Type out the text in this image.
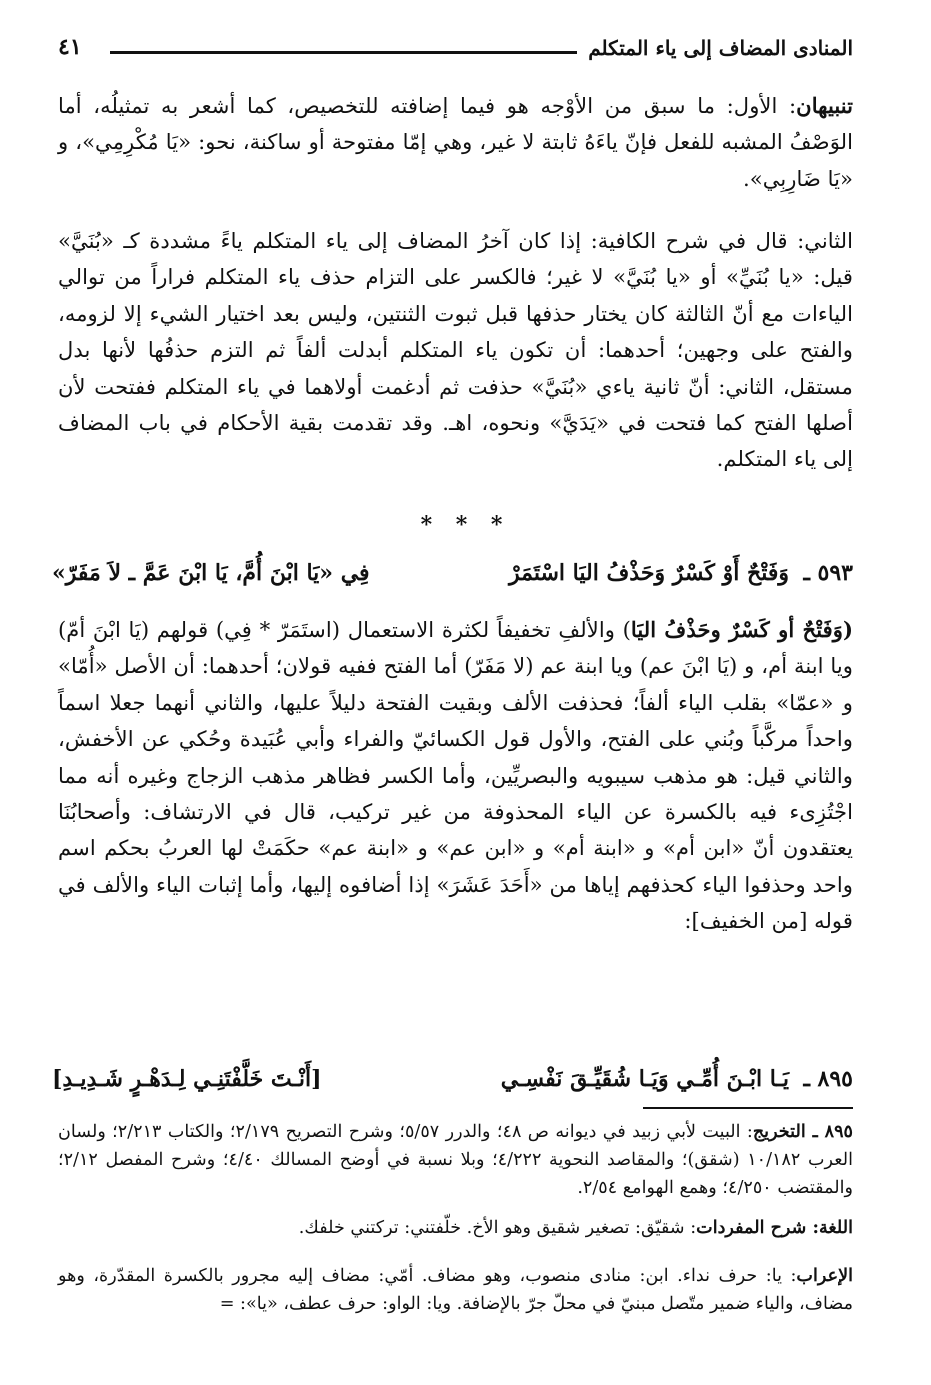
المنادى المضاف إلى ياء المتكلم
٤١
تنبيهان: الأول: ما سبق من الأوْجه هو فيما إضافته للتخصيص، كما أشعر به تمثيلُه، أما الوَصْفُ المشبه للفعل فإنّ ياءَهُ ثابتة لا غير، وهي إمّا مفتوحة أو ساكنة، نحو: «يَا مُكْرِمِي»، و «يَا ضَارِبِي».
الثاني: قال في شرح الكافية: إذا كان آخرُ المضاف إلى ياء المتكلم ياءً مشددة كـ «بُنَيَّ» قيل: «يا بُنَيِّ» أو «يا بُنَيَّ» لا غير؛ فالكسر على التزام حذف ياء المتكلم فراراً من توالي الياءات مع أنّ الثالثة كان يختار حذفها قبل ثبوت الثنتين، وليس بعد اختيار الشيء إلا لزومه، والفتح على وجهين؛ أحدهما: أن تكون ياء المتكلم أبدلت ألفاً ثم التزم حذفُها لأنها بدل مستقل، الثاني: أنّ ثانية ياءي «بُنَيَّ» حذفت ثم أدغمت أولاهما في ياء المتكلم ففتحت لأن أصلها الفتح كما فتحت في «يَدَيَّ» ونحوه، اهـ. وقد تقدمت بقية الأحكام في باب المضاف إلى ياء المتكلم.
* * *
٥٩٣ ـ
وَفَتْحٌ أَوْ كَسْرٌ وَحَذْفُ اليَا اسْتَمَرْ
فِي «يَا ابْنَ أُمَّ، يَا ابْنَ عَمَّ ـ لاَ مَفَرّ»
(وَفَتْحٌ أو كَسْرٌ وحَذْفُ اليَا) والألفِ تخفيفاً لكثرة الاستعمال (استَمَرّ * فِي) قولهم (يَا ابْنَ أمّ) ويا ابنة أم، و (يَا ابْنَ عم) ويا ابنة عم (لا مَفَرّ) أما الفتح ففيه قولان؛ أحدهما: أن الأصل «أُمّا» و «عمّا» بقلب الياء ألفاً؛ فحذفت الألف وبقيت الفتحة دليلاً عليها، والثاني أنهما جعلا اسماً واحداً مركَّباً وبُني على الفتح، والأول قول الكسائيّ والفراء وأبي عُبَيدة وحُكي عن الأخفش، والثاني قيل: هو مذهب سيبويه والبصريِّين، وأما الكسر فظاهر مذهب الزجاج وغيره أنه مما اجْتُزِىء فيه بالكسرة عن الياء المحذوفة من غير تركيب، قال في الارتشاف: وأصحابُنَا يعتقدون أنّ «ابن أم» و «ابنة أم» و «ابن عم» و «ابنة عم» حكَمَتْ لها العربُ بحكم اسم واحد وحذفوا الياء كحذفهم إياها من «أَحَدَ عَشَرَ» إذا أضافوه إليها، وأما إثبات الياء والألف في قوله [من الخفيف]:
٨٩٥ ـ
يَـا ابْـنَ أُمِّـي وَيَـا شُقَيِّـقَ نَفْسِـي
[أَنْـتَ خَلَّفْتَنِـي لِـدَهْـرٍ شَـدِيـدِ]
٨٩٥ ـ التخريج: البيت لأبي زبيد في ديوانه ص ٤٨؛ والدرر ٥/٥٧؛ وشرح التصريح ٢/١٧٩؛ والكتاب ٢/٢١٣؛ ولسان العرب ١٠/١٨٢ (شقق)؛ والمقاصد النحوية ٤/٢٢٢؛ وبلا نسبة في أوضح المسالك ٤/٤٠؛ وشرح المفصل ٢/١٢؛ والمقتضب ٤/٢٥٠؛ وهمع الهوامع ٢/٥٤.
اللغة: شرح المفردات: شقيّق: تصغير شقيق وهو الأخ. خلّفتني: تركتني خلفك.
الإعراب: يا: حرف نداء. ابن: منادى منصوب، وهو مضاف. أمّي: مضاف إليه مجرور بالكسرة المقدّرة، وهو مضاف، والياء ضمير متّصل مبنيّ في محلّ جرّ بالإضافة. ويا: الواو: حرف عطف، «يا»: =
